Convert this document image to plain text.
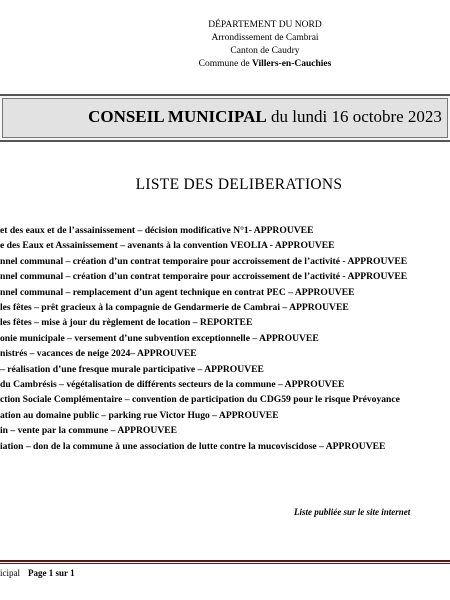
DÉPARTEMENT DU NORD
Arrondissement de Cambrai
Canton de Caudry
Commune de Villers-en-Cauchies
CONSEIL MUNICIPAL du lundi 16 octobre 2023
LISTE DES DELIBERATIONS
et des eaux et de l’assainissement – décision modificative N°1- APPROUVEE
e des Eaux et Assainissement – avenants à la convention VEOLIA - APPROUVEE
nnel communal – création d’un contrat temporaire pour accroissement de l’activité - APPROUVEE
nnel communal – création d’un contrat temporaire pour accroissement de l’activité - APPROUVEE
nnel communal – remplacement d’un agent technique en contrat PEC – APPROUVEE
les fêtes – prêt gracieux à la compagnie de Gendarmerie de Cambrai – APPROUVEE
les fêtes – mise à jour du règlement de location – REPORTEE
onie municipale – versement d’une subvention exceptionnelle – APPROUVEE
nistrés – vacances de neige 2024– APPROUVEE
– réalisation d’une fresque murale participative – APPROUVEE
du Cambrésis – végétalisation de différents secteurs de la commune – APPROUVEE
ction Sociale Complémentaire – convention de participation du CDG59 pour le risque Prévoyance
ation au domaine public – parking rue Victor Hugo – APPROUVEE
in – vente par la commune – APPROUVEE
iation – don de la commune à une association de lutte contre la mucoviscidose – APPROUVEE
Liste publiée sur le site internet
icipal Page 1 sur 1
